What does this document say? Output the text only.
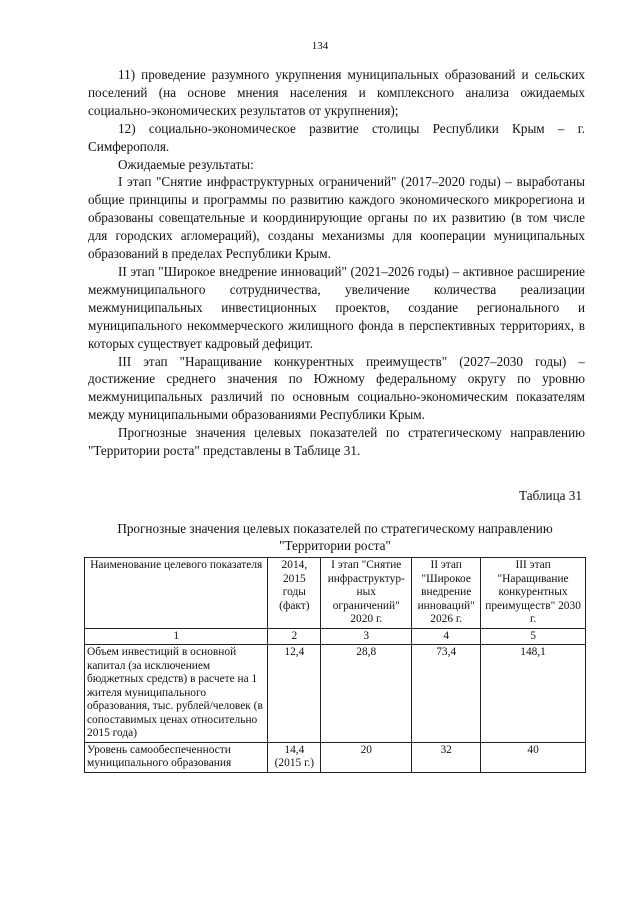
134

11) проведение разумного укрупнения муниципальных образований и сельских поселений (на основе мнения населения и комплексного анализа ожидаемых социально-экономических результатов от укрупнения);

12) социально-экономическое развитие столицы Республики Крым – г. Симферополя.

Ожидаемые результаты:

I этап "Снятие инфраструктурных ограничений" (2017–2020 годы) – выработаны общие принципы и программы по развитию каждого экономического микрорегиона и образованы совещательные и координирующие органы по их развитию (в том числе для городских агломераций), созданы механизмы для кооперации муниципальных образований в пределах Республики Крым.

II этап "Широкое внедрение инноваций" (2021–2026 годы) – активное расширение межмуниципального сотрудничества, увеличение количества реализации межмуниципальных инвестиционных проектов, создание регионального и муниципального некоммерческого жилищного фонда в перспективных территориях, в которых существует кадровый дефицит.

III этап "Наращивание конкурентных преимуществ" (2027–2030 годы) – достижение среднего значения по Южному федеральному округу по уровню межмуниципальных различий по основным социально-экономическим показателям между муниципальными образованиями Республики Крым.

Прогнозные значения целевых показателей по стратегическому направлению "Территории роста" представлены в Таблице 31.

Таблица 31
Прогнозные значения целевых показателей по стратегическому направлению "Территории роста"
Наименование целевого показателя	2014, 2015 годы (факт)	I этап "Снятие инфраструктур-ных ограничений" 2020 г.	II этап "Широкое внедрение инноваций" 2026 г.	III этап "Наращивание конкурентных преимуществ" 2030 г.
1	2	3	4	5
Объем инвестиций в основной капитал (за исключением бюджетных средств) в расчете на 1 жителя муниципального образования, тыс. рублей/человек (в сопоставимых ценах относительно 2015 года)	12,4	28,8	73,4	148,1
Уровень самообеспеченности муниципального образования	14,4 (2015 г.)	20	32	40
